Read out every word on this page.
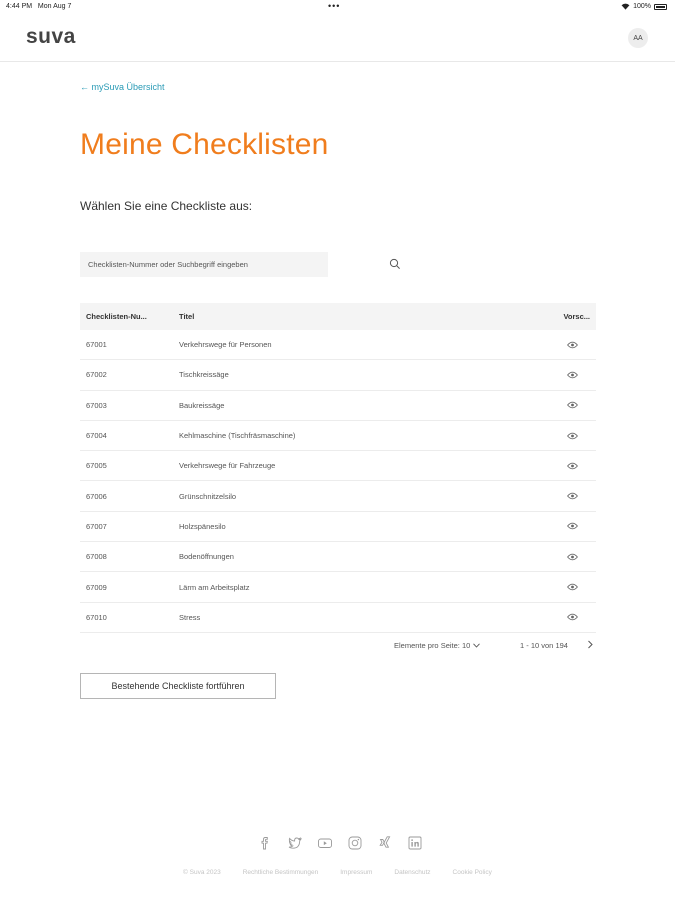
4:44 PM Mon Aug 7	•••	100%
suva	AA
← mySuva Übersicht
Meine Checklisten
Wählen Sie eine Checkliste aus:
Checklisten-Nummer oder Suchbegriff eingeben
Checklisten-Nu...	Titel	Vorsc...
67001	Verkehrswege für Personen
67002	Tischkreissäge
67003	Baukreissäge
67004	Kehlmaschine (Tischfräsmaschine)
67005	Verkehrswege für Fahrzeuge
67006	Grünschnitzelsilo
67007	Holzspänesilo
67008	Bodenöffnungen
67009	Lärm am Arbeitsplatz
67010	Stress
Elemente pro Seite: 10	1 - 10 von 194
Bestehende Checkliste fortführen
© Suva 2023	Rechtliche Bestimmungen	Impressum	Datenschutz	Cookie Policy
